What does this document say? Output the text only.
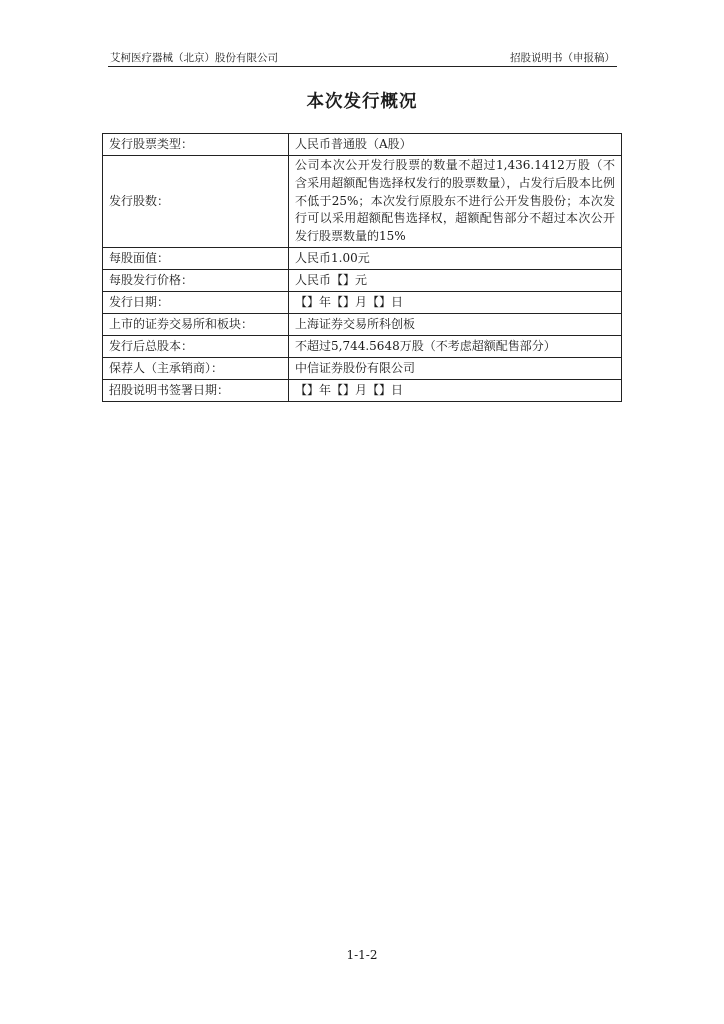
艾柯医疗器械（北京）股份有限公司	招股说明书（申报稿）
本次发行概况
发行股票类型：	人民币普通股（A股）
发行股数：	公司本次公开发行股票的数量不超过1,436.1412万股（不含采用超额配售选择权发行的股票数量），占发行后股本比例不低于25%；本次发行原股东不进行公开发售股份；本次发行可以采用超额配售选择权，超额配售部分不超过本次公开发行股票数量的15%
每股面值：	人民币1.00元
每股发行价格：	人民币【】元
发行日期：	【】年【】月【】日
上市的证券交易所和板块：	上海证券交易所科创板
发行后总股本：	不超过5,744.5648万股（不考虑超额配售部分）
保荐人（主承销商）：	中信证券股份有限公司
招股说明书签署日期：	【】年【】月【】日
1-1-2
